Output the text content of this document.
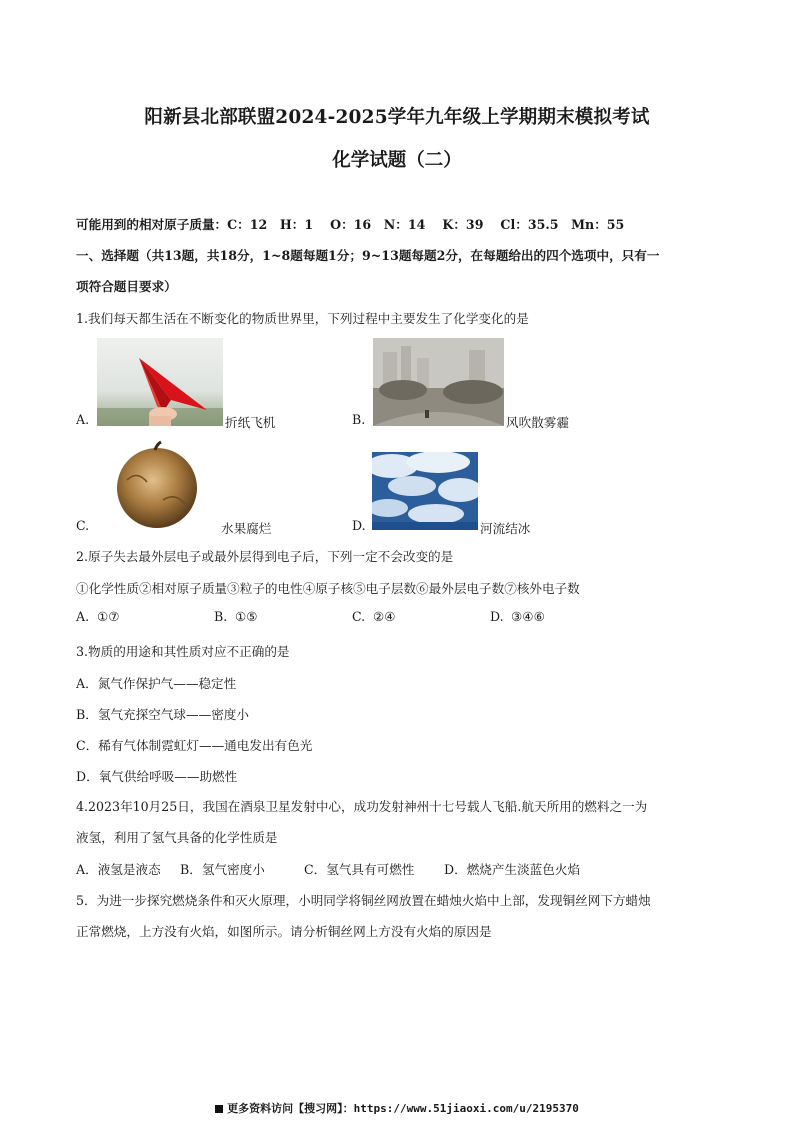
阳新县北部联盟2024-2025学年九年级上学期期末模拟考试
化学试题（二）
可能用到的相对原子质量：C：12　H：1　 O：16　N：14　 K：39　 Cl：35.5　Mn：55
一、选择题（共13题，共18分，1~8题每题1分；9~13题每题2分，在每题给出的四个选项中，只有一
项符合题目要求）
1.我们每天都生活在不断变化的物质世界里，下列过程中主要发生了化学变化的是
A.	折纸飞机	B.	风吹散雾霾
C.	水果腐烂	D.	河流结冰
2.原子失去最外层电子或最外层得到电子后，下列一定不会改变的是
①化学性质②相对原子质量③粒子的电性④原子核⑤电子层数⑥最外层电子数⑦核外电子数
A. ①⑦	B. ①⑤	C. ②④	D. ③④⑥
3.物质的用途和其性质对应不正确的是
A．氮气作保护气——稳定性
B．氢气充探空气球——密度小
C．稀有气体制霓虹灯——通电发出有色光
D．氧气供给呼吸——助燃性
4.2023年10月25日，我国在酒泉卫星发射中心，成功发射神州十七号载人飞船.航天所用的燃料之一为
液氢，利用了氢气具备的化学性质是
A．液氢是液态 B．氢气密度小	C．氢气具有可燃性 D．燃烧产生淡蓝色火焰
5．为进一步探究燃烧条件和灭火原理，小明同学将铜丝网放置在蜡烛火焰中上部，发现铜丝网下方蜡烛
正常燃烧，上方没有火焰，如图所示。请分析铜丝网上方没有火焰的原因是
更多资料访问【搜习网】：https://www.51jiaoxi.com/u/2195370
